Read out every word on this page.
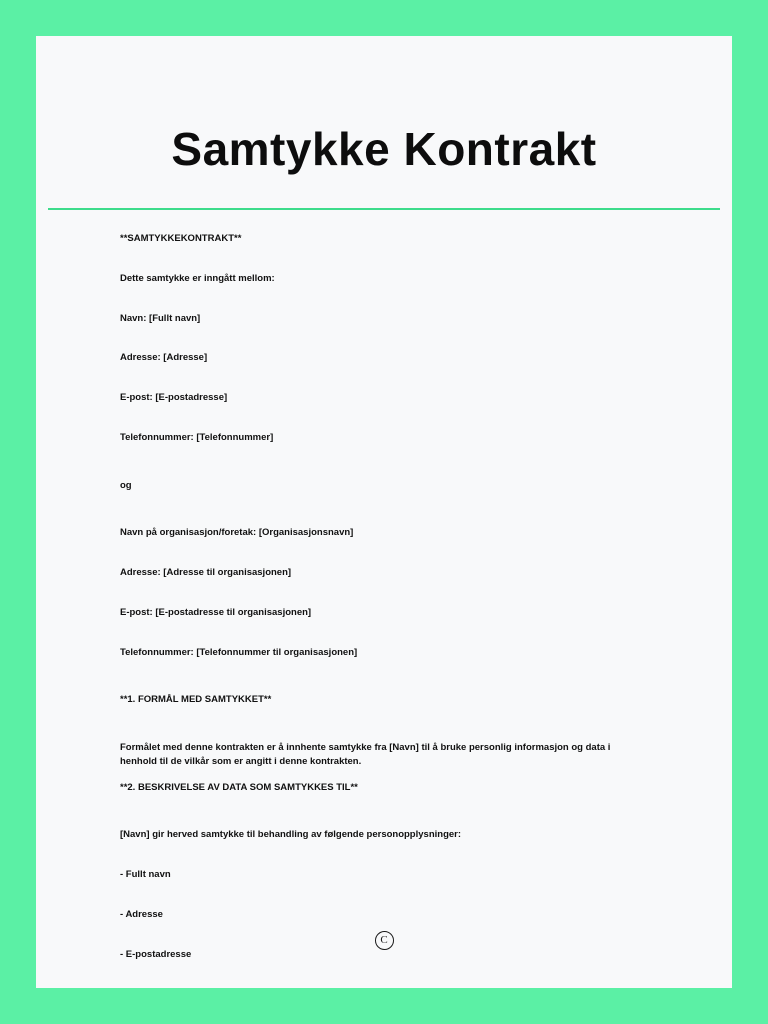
Samtykke Kontrakt

**SAMTYKKEKONTRAKT**

Dette samtykke er inngått mellom:

Navn: [Fullt navn]

Adresse: [Adresse]

E-post: [E-postadresse]

Telefonnummer: [Telefonnummer]

og

Navn på organisasjon/foretak: [Organisasjonsnavn]

Adresse: [Adresse til organisasjonen]

E-post: [E-postadresse til organisasjonen]

Telefonnummer: [Telefonnummer til organisasjonen]

**1. FORMÅL MED SAMTYKKET**

Formålet med denne kontrakten er å innhente samtykke fra [Navn] til å bruke personlig informasjon og data i henhold til de vilkår som er angitt i denne kontrakten.

**2. BESKRIVELSE AV DATA SOM SAMTYKKES TIL**

[Navn] gir herved samtykke til behandling av følgende personopplysninger:

- Fullt navn

- Adresse

- E-postadresse

C
